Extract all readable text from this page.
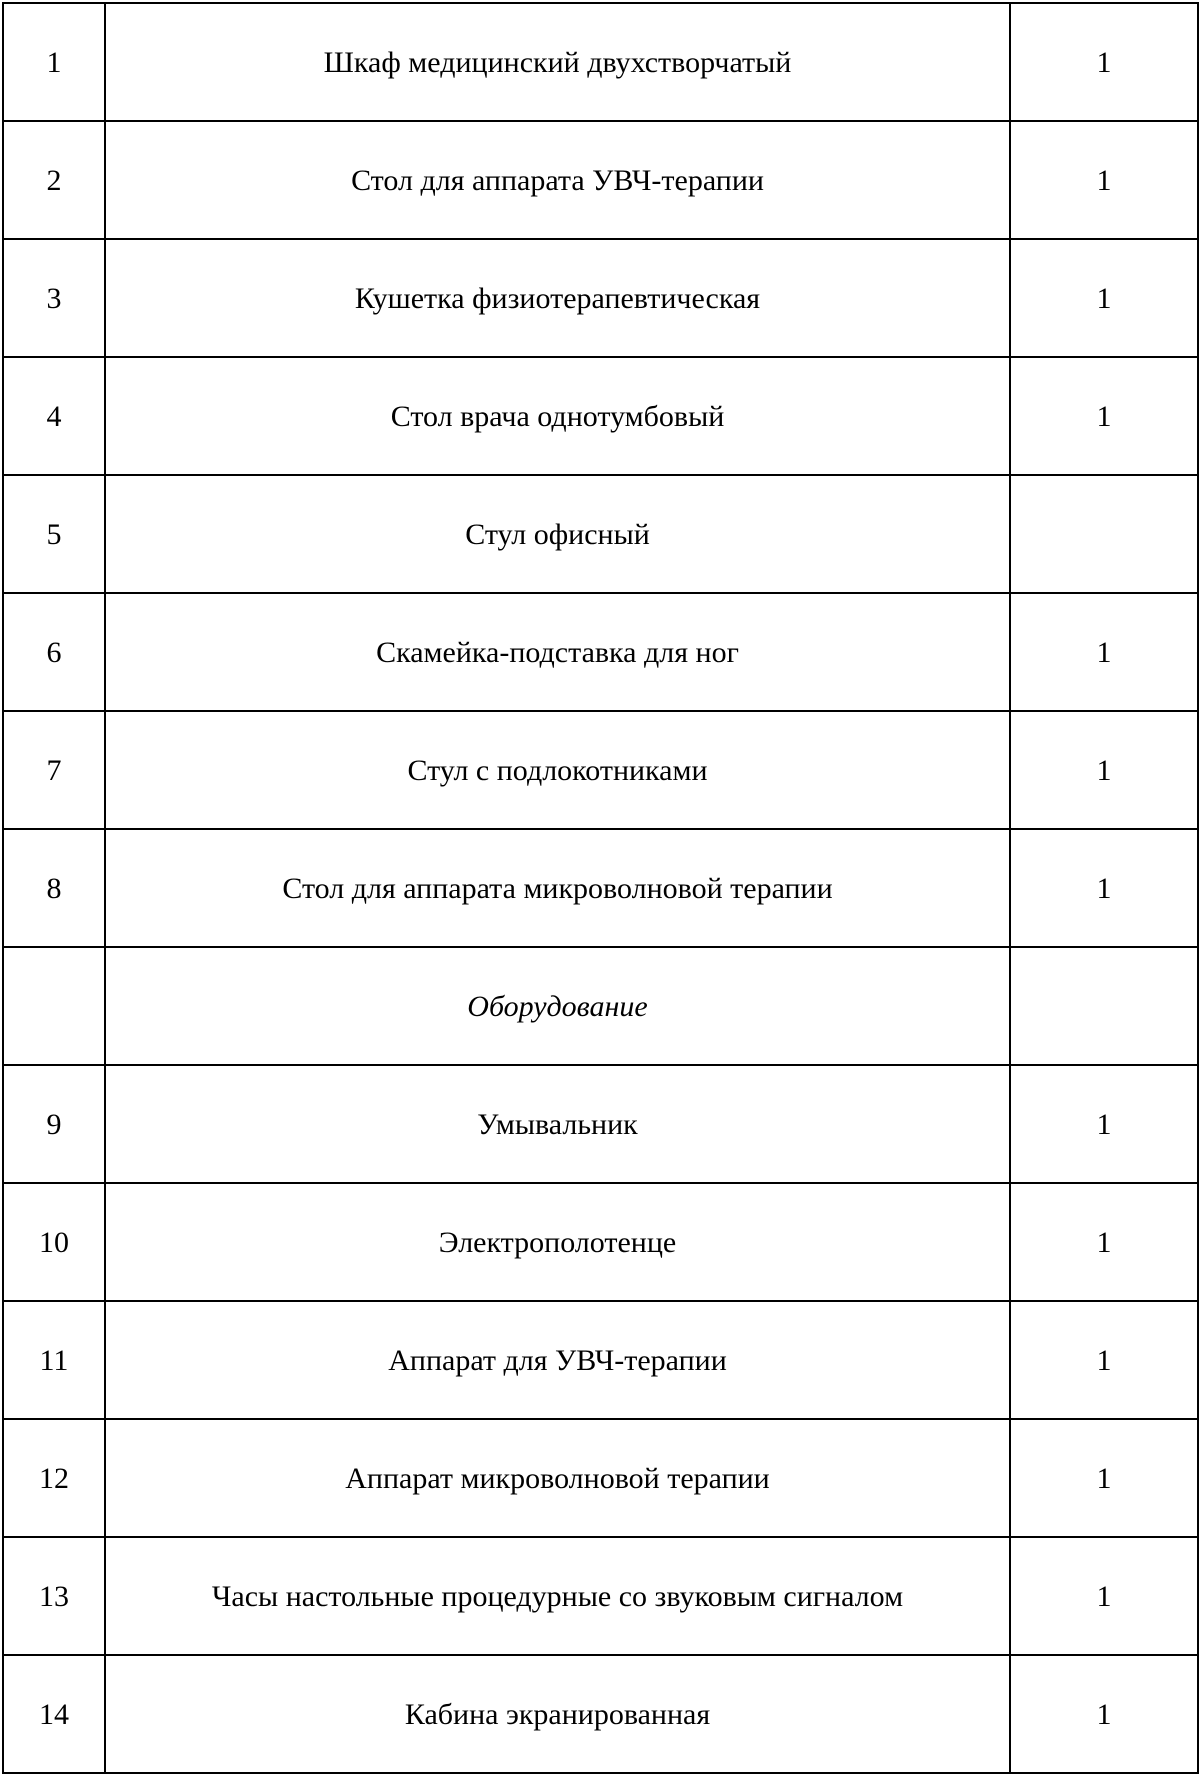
1	Шкаф медицинский двухстворчатый	1
2	Стол для аппарата УВЧ-терапии	1
3	Кушетка физиотерапевтическая	1
4	Стол врача однотумбовый	1
5	Стул офисный	
6	Скамейка-подставка для ног	1
7	Стул с подлокотниками	1
8	Стол для аппарата микроволновой терапии	1
	Оборудование	
9	Умывальник	1
10	Электрополотенце	1
11	Аппарат для УВЧ-терапии	1
12	Аппарат микроволновой терапии	1
13	Часы настольные процедурные со звуковым сигналом	1
14	Кабина экранированная	1
